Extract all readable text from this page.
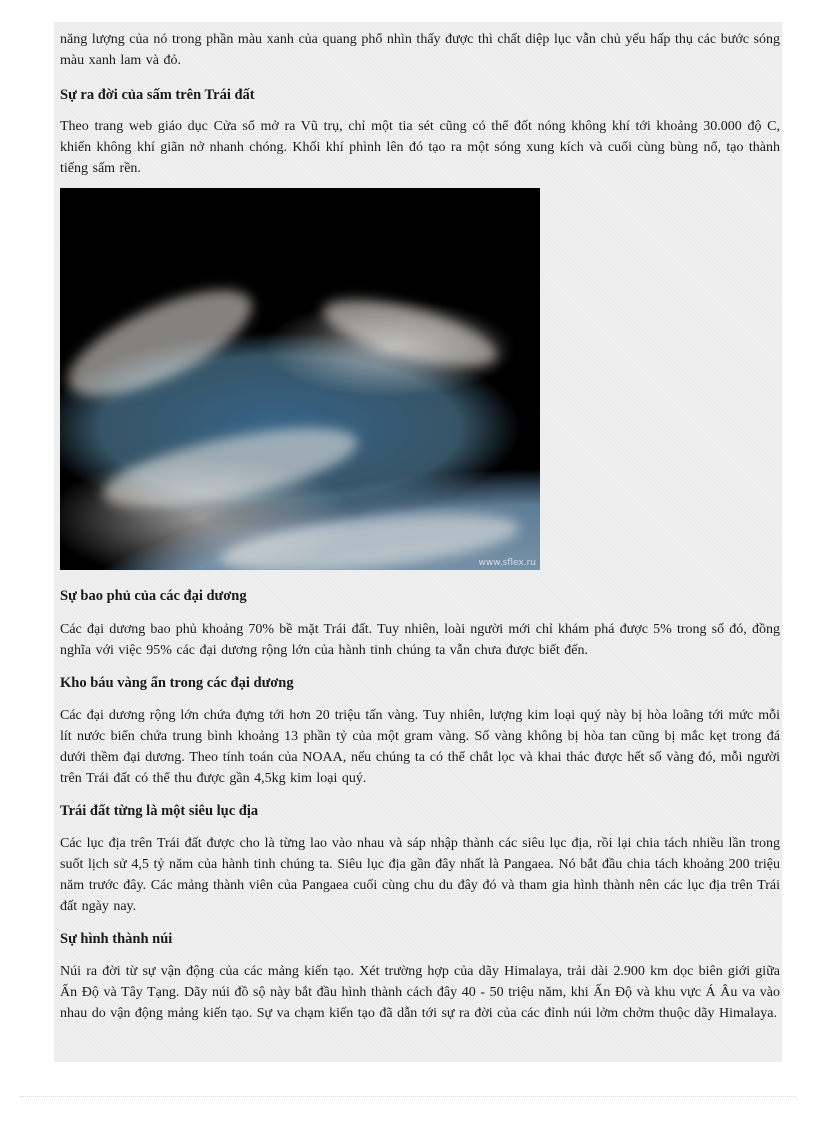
năng lượng của nó trong phần màu xanh của quang phổ nhìn thấy được thì chất diệp lục vẫn chủ yếu hấp thụ các bước sóng màu xanh lam và đỏ.

Sự ra đời của sấm trên Trái đất

Theo trang web giáo dục Cửa sổ mở ra Vũ trụ, chỉ một tia sét cũng có thể đốt nóng không khí tới khoảng 30.000 độ C, khiến không khí giãn nở nhanh chóng. Khối khí phình lên đó tạo ra một sóng xung kích và cuối cùng bùng nổ, tạo thành tiếng sấm rền.

www.sflex.ru
Sự bao phủ của các đại dương

Các đại dương bao phủ khoảng 70% bề mặt Trái đất. Tuy nhiên, loài người mới chỉ khám phá được 5% trong số đó, đồng nghĩa với việc 95% các đại dương rộng lớn của hành tinh chúng ta vẫn chưa được biết đến.

Kho báu vàng ẩn trong các đại dương

Các đại dương rộng lớn chứa đựng tới hơn 20 triệu tấn vàng. Tuy nhiên, lượng kim loại quý này bị hòa loãng tới mức mỗi lít nước biển chứa trung bình khoảng 13 phần tỷ của một gram vàng. Số vàng không bị hòa tan cũng bị mắc kẹt trong đá dưới thềm đại dương. Theo tính toán của NOAA, nếu chúng ta có thể chắt lọc và khai thác được hết số vàng đó, mỗi người trên Trái đất có thể thu được gần 4,5kg kim loại quý.

Trái đất từng là một siêu lục địa

Các lục địa trên Trái đất được cho là từng lao vào nhau và sáp nhập thành các siêu lục địa, rồi lại chia tách nhiều lần trong suốt lịch sử 4,5 tỷ năm của hành tinh chúng ta. Siêu lục địa gần đây nhất là Pangaea. Nó bắt đầu chia tách khoảng 200 triệu năm trước đây. Các mảng thành viên của Pangaea cuối cùng chu du đây đó và tham gia hình thành nên các lục địa trên Trái đất ngày nay.

Sự hình thành núi

Núi ra đời từ sự vận động của các mảng kiến tạo. Xét trường hợp của dãy Himalaya, trải dài 2.900 km dọc biên giới giữa Ấn Độ và Tây Tạng. Dãy núi đồ sộ này bắt đầu hình thành cách đây 40 - 50 triệu năm, khi Ấn Độ và khu vực Á Âu va vào nhau do vận động mảng kiến tạo. Sự va chạm kiến tạo đã dẫn tới sự ra đời của các đỉnh núi lởm chởm thuộc dãy Himalaya.
